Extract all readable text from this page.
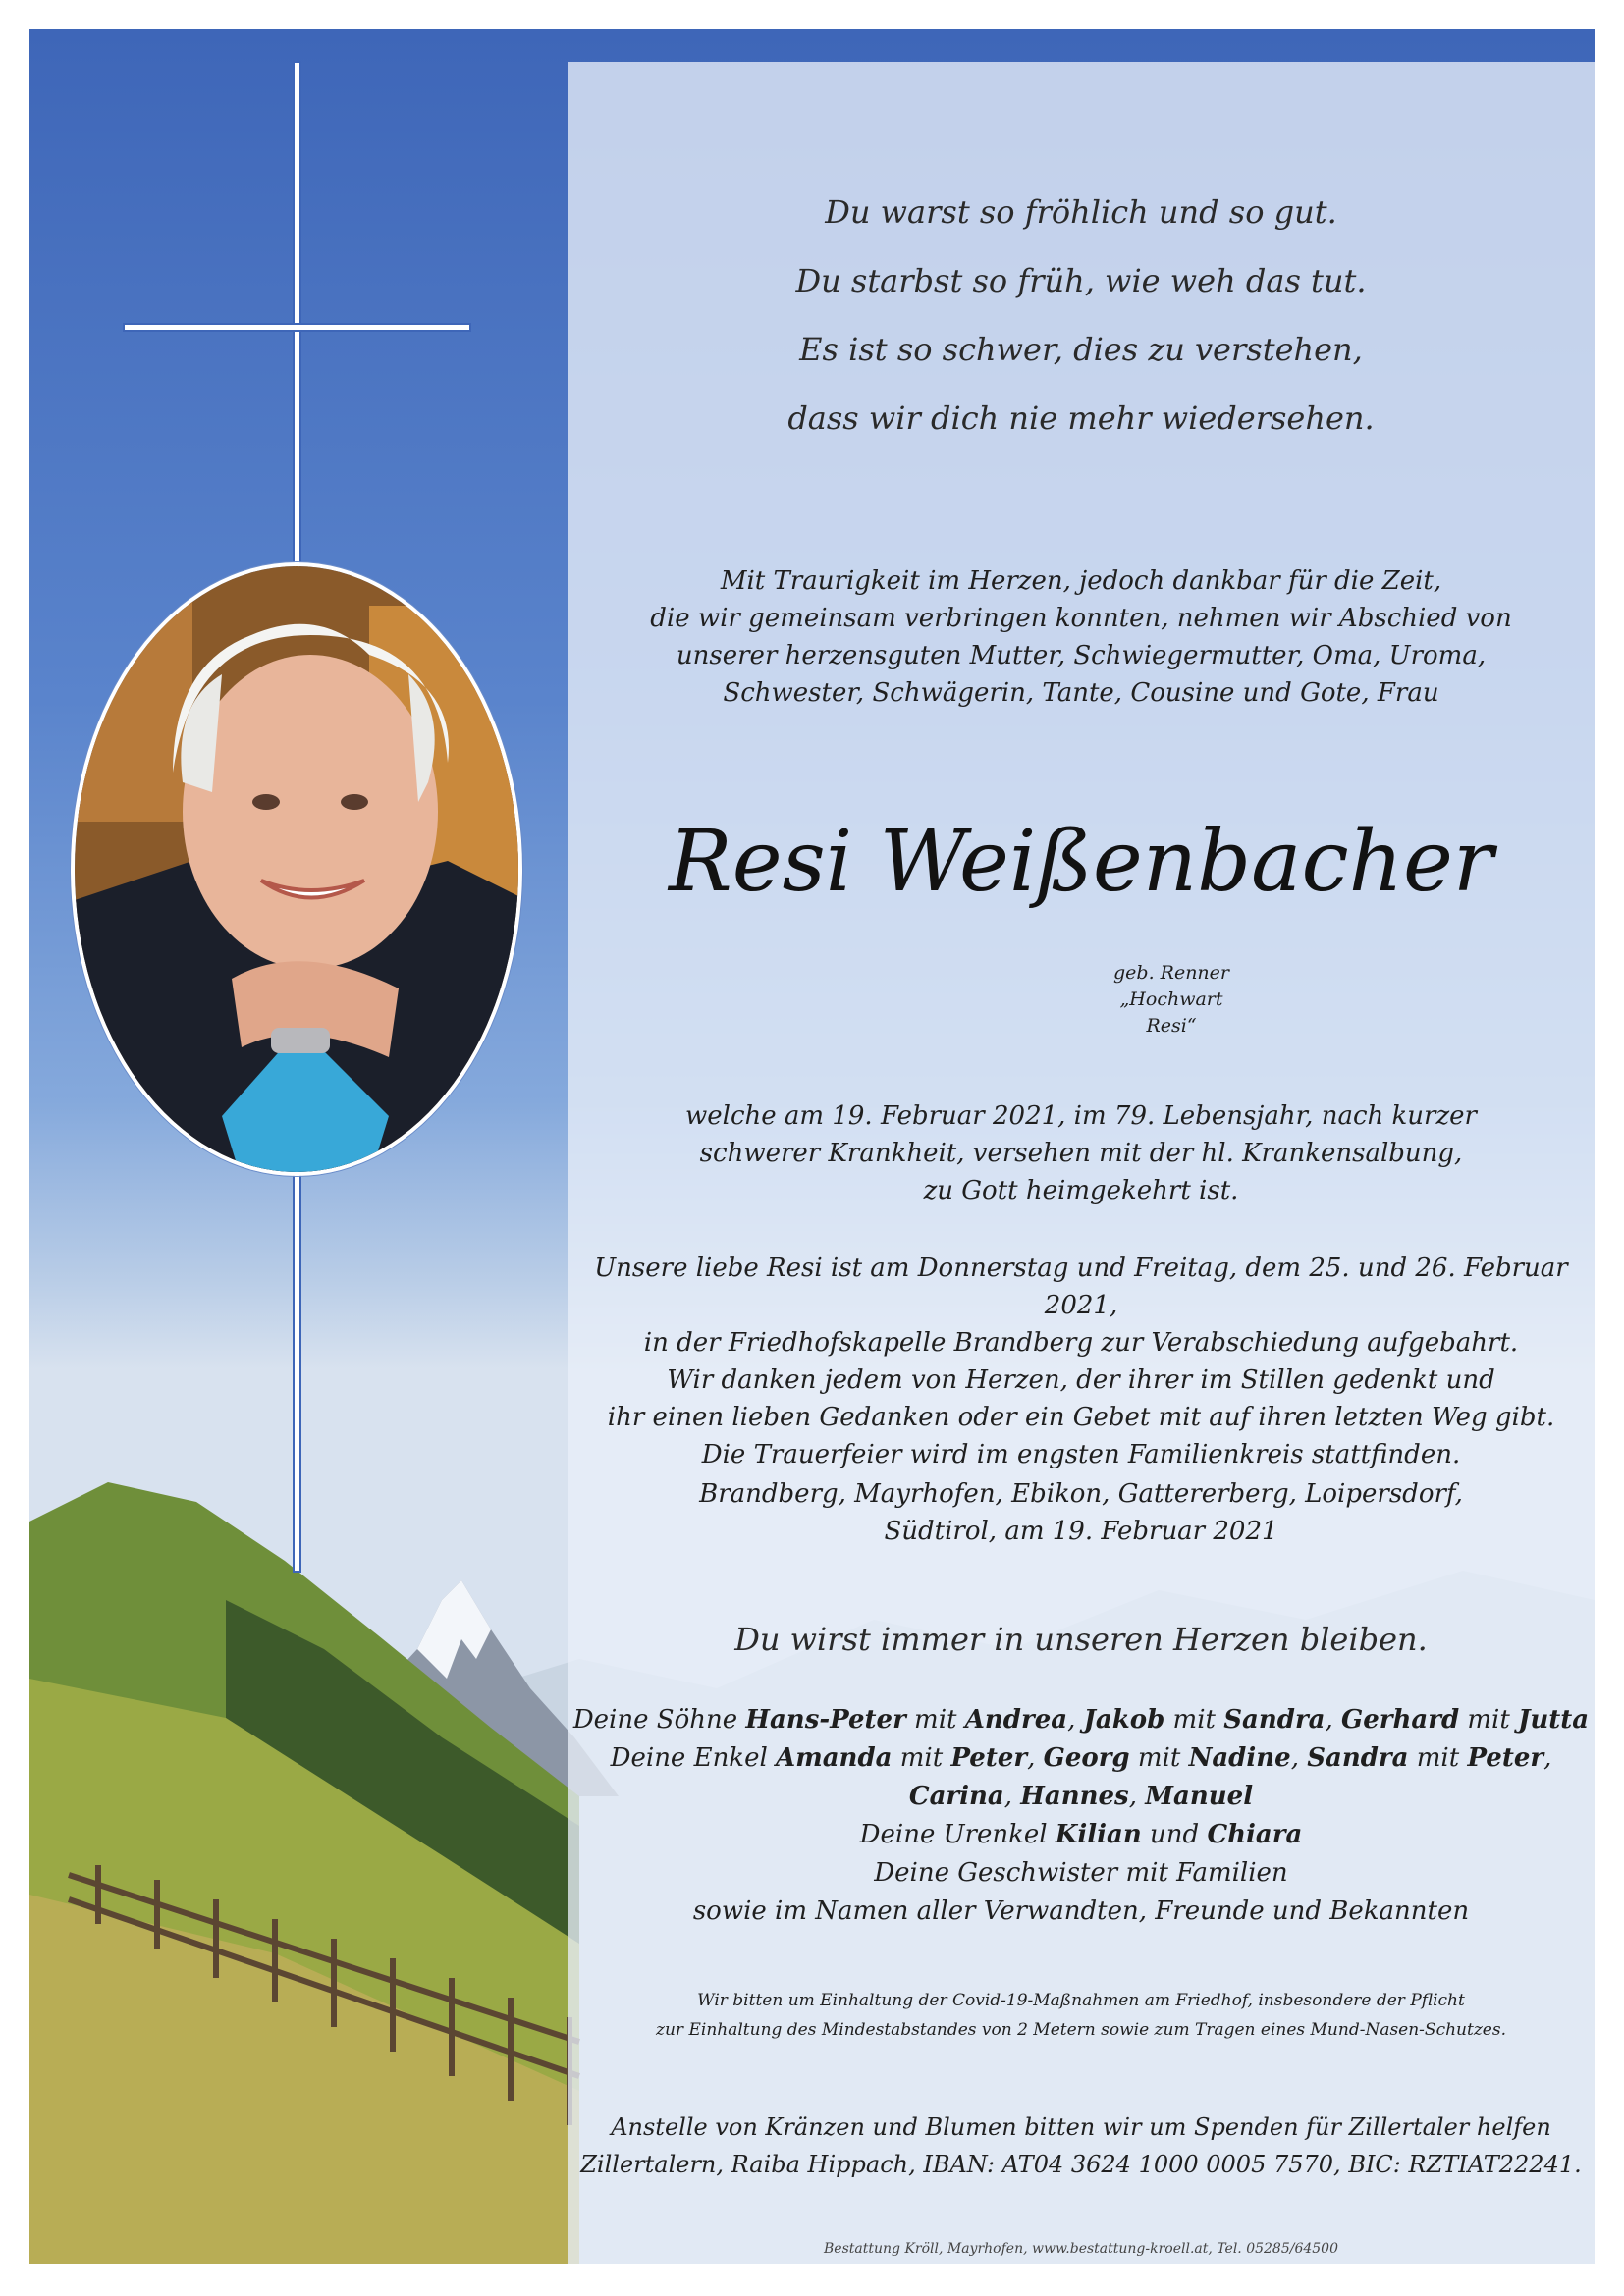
Du warst so fröhlich und so gut.
Du starbst so früh, wie weh das tut.
Es ist so schwer, dies zu verstehen,
dass wir dich nie mehr wiedersehen.
Mit Traurigkeit im Herzen, jedoch dankbar für die Zeit,
die wir gemeinsam verbringen konnten, nehmen wir Abschied von
unserer herzensguten Mutter, Schwiegermutter, Oma, Uroma,
Schwester, Schwägerin, Tante, Cousine und Gote, Frau
Resi Weißenbacher
geb. Renner
„Hochwart Resi“
welche am 19. Februar 2021, im 79. Lebensjahr, nach kurzer
schwerer Krankheit, versehen mit der hl. Krankensalbung,
zu Gott heimgekehrt ist.
Unsere liebe Resi ist am Donnerstag und Freitag, dem 25. und 26. Februar 2021,
in der Friedhofskapelle Brandberg zur Verabschiedung aufgebahrt.
Wir danken jedem von Herzen, der ihrer im Stillen gedenkt und
ihr einen lieben Gedanken oder ein Gebet mit auf ihren letzten Weg gibt.
Die Trauerfeier wird im engsten Familienkreis stattfinden.
Brandberg, Mayrhofen, Ebikon, Gattererberg, Loipersdorf,
Südtirol, am 19. Februar 2021
Du wirst immer in unseren Herzen bleiben.
Deine Söhne Hans-Peter mit Andrea, Jakob mit Sandra, Gerhard mit Jutta
Deine Enkel Amanda mit Peter, Georg mit Nadine, Sandra mit Peter,
Carina, Hannes, Manuel
Deine Urenkel Kilian und Chiara
Deine Geschwister mit Familien
sowie im Namen aller Verwandten, Freunde und Bekannten
Wir bitten um Einhaltung der Covid-19-Maßnahmen am Friedhof, insbesondere der Pflicht
zur Einhaltung des Mindestabstandes von 2 Metern sowie zum Tragen eines Mund-Nasen-Schutzes.
Anstelle von Kränzen und Blumen bitten wir um Spenden für Zillertaler helfen
Zillertalern, Raiba Hippach, IBAN: AT04 3624 1000 0005 7570, BIC: RZTIAT22241.
Bestattung Kröll, Mayrhofen, www.bestattung-kroell.at, Tel. 05285/64500
